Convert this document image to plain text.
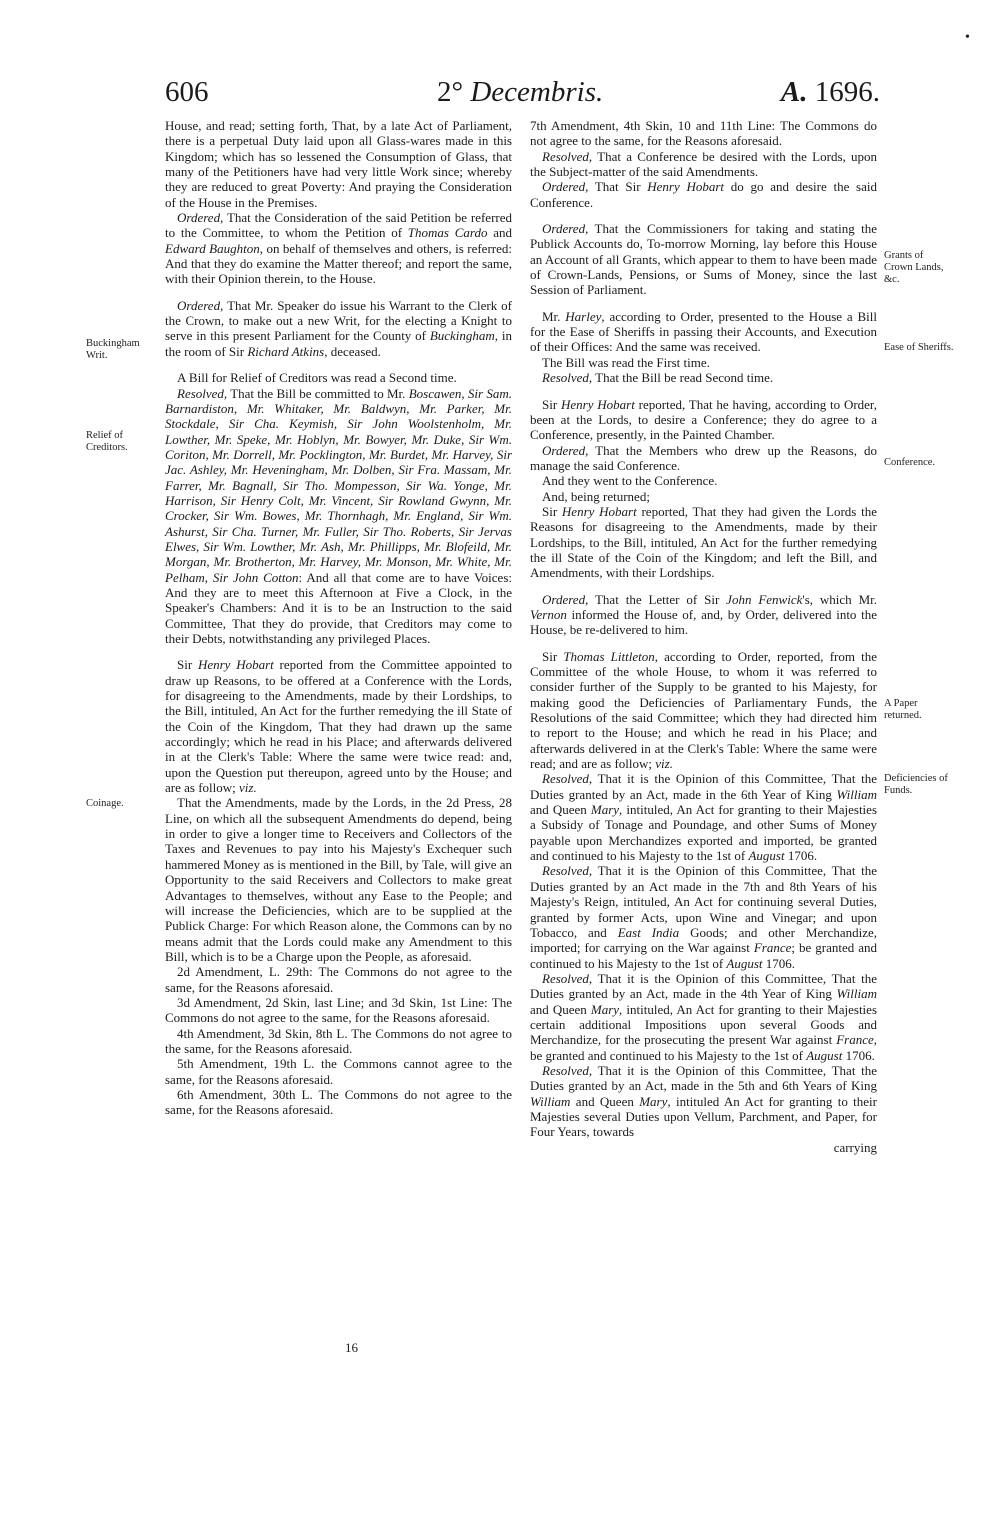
•
606	2° Decembris.	A. 1696.
Buckingham Writ.
Relief of Creditors.
Coinage.
Grants of Crown Lands, &c.
Ease of Sheriffs.
Conference.
A Paper returned.
Deficiencies of Funds.

House, and read; setting forth, That, by a late Act of Parliament, there is a perpetual Duty laid upon all Glass-wares made in this Kingdom; which has so lessened the Consumption of Glass, that many of the Petitioners have had very little Work since; whereby they are reduced to great Poverty: And praying the Consideration of the House in the Premises.

Ordered, That the Consideration of the said Petition be referred to the Committee, to whom the Petition of Thomas Cardo and Edward Baughton, on behalf of themselves and others, is referred: And that they do examine the Matter thereof; and report the same, with their Opinion therein, to the House.

Ordered, That Mr. Speaker do issue his Warrant to the Clerk of the Crown, to make out a new Writ, for the electing a Knight to serve in this present Parliament for the County of Buckingham, in the room of Sir Richard Atkins, deceased.

A Bill for Relief of Creditors was read a Second time.

Resolved, That the Bill be committed to Mr. Boscawen, Sir Sam. Barnardiston, Mr. Whitaker, Mr. Baldwyn, Mr. Parker, Mr. Stockdale, Sir Cha. Keymish, Sir John Woolstenholm, Mr. Lowther, Mr. Speke, Mr. Hoblyn, Mr. Bowyer, Mr. Duke, Sir Wm. Coriton, Mr. Dorrell, Mr. Pocklington, Mr. Burdet, Mr. Harvey, Sir Jac. Ashley, Mr. Heveningham, Mr. Dolben, Sir Fra. Massam, Mr. Farrer, Mr. Bagnall, Sir Tho. Mompesson, Sir Wa. Yonge, Mr. Harrison, Sir Henry Colt, Mr. Vincent, Sir Rowland Gwynn, Mr. Crocker, Sir Wm. Bowes, Mr. Thornhagh, Mr. England, Sir Wm. Ashurst, Sir Cha. Turner, Mr. Fuller, Sir Tho. Roberts, Sir Jervas Elwes, Sir Wm. Lowther, Mr. Ash, Mr. Phillipps, Mr. Blofeild, Mr. Morgan, Mr. Brotherton, Mr. Harvey, Mr. Monson, Mr. White, Mr. Pelham, Sir John Cotton: And all that come are to have Voices: And they are to meet this Afternoon at Five a Clock, in the Speaker's Chambers: And it is to be an Instruction to the said Committee, That they do provide, that Creditors may come to their Debts, notwithstanding any privileged Places.

Sir Henry Hobart reported from the Committee appointed to draw up Reasons, to be offered at a Conference with the Lords, for disagreeing to the Amendments, made by their Lordships, to the Bill, intituled, An Act for the further remedying the ill State of the Coin of the Kingdom, That they had drawn up the same accordingly; which he read in his Place; and afterwards delivered in at the Clerk's Table: Where the same were twice read: and, upon the Question put thereupon, agreed unto by the House; and are as follow; viz.

That the Amendments, made by the Lords, in the 2d Press, 28 Line, on which all the subsequent Amendments do depend, being in order to give a longer time to Receivers and Collectors of the Taxes and Revenues to pay into his Majesty's Exchequer such hammered Money as is mentioned in the Bill, by Tale, will give an Opportunity to the said Receivers and Collectors to make great Advantages to themselves, without any Ease to the People; and will increase the Deficiencies, which are to be supplied at the Publick Charge: For which Reason alone, the Commons can by no means admit that the Lords could make any Amendment to this Bill, which is to be a Charge upon the People, as aforesaid.

2d Amendment, L. 29th: The Commons do not agree to the same, for the Reasons aforesaid.

3d Amendment, 2d Skin, last Line; and 3d Skin, 1st Line: The Commons do not agree to the same, for the Reasons aforesaid.

4th Amendment, 3d Skin, 8th L. The Commons do not agree to the same, for the Reasons aforesaid.

5th Amendment, 19th L. the Commons cannot agree to the same, for the Reasons aforesaid.

6th Amendment, 30th L. The Commons do not agree to the same, for the Reasons aforesaid.

16

7th Amendment, 4th Skin, 10 and 11th Line: The Commons do not agree to the same, for the Reasons aforesaid.

Resolved, That a Conference be desired with the Lords, upon the Subject-matter of the said Amendments.

Ordered, That Sir Henry Hobart do go and desire the said Conference.

Ordered, That the Commissioners for taking and stating the Publick Accounts do, To-morrow Morning, lay before this House an Account of all Grants, which appear to them to have been made of Crown-Lands, Pensions, or Sums of Money, since the last Session of Parliament.

Mr. Harley, according to Order, presented to the House a Bill for the Ease of Sheriffs in passing their Accounts, and Execution of their Offices: And the same was received.

The Bill was read the First time.

Resolved, That the Bill be read Second time.

Sir Henry Hobart reported, That he having, according to Order, been at the Lords, to desire a Conference; they do agree to a Conference, presently, in the Painted Chamber.

Ordered, That the Members who drew up the Reasons, do manage the said Conference.

And they went to the Conference.

And, being returned;

Sir Henry Hobart reported, That they had given the Lords the Reasons for disagreeing to the Amendments, made by their Lordships, to the Bill, intituled, An Act for the further remedying the ill State of the Coin of the Kingdom; and left the Bill, and Amendments, with their Lordships.

Ordered, That the Letter of Sir John Fenwick's, which Mr. Vernon informed the House of, and, by Order, delivered into the House, be re-delivered to him.

Sir Thomas Littleton, according to Order, reported, from the Committee of the whole House, to whom it was referred to consider further of the Supply to be granted to his Majesty, for making good the Deficiencies of Parliamentary Funds, the Resolutions of the said Committee; which they had directed him to report to the House; and which he read in his Place; and afterwards delivered in at the Clerk's Table: Where the same were read; and are as follow; viz.

Resolved, That it is the Opinion of this Committee, That the Duties granted by an Act, made in the 6th Year of King William and Queen Mary, intituled, An Act for granting to their Majesties a Subsidy of Tonage and Poundage, and other Sums of Money payable upon Merchandizes exported and imported, be granted and continued to his Majesty to the 1st of August 1706.

Resolved, That it is the Opinion of this Committee, That the Duties granted by an Act made in the 7th and 8th Years of his Majesty's Reign, intituled, An Act for continuing several Duties, granted by former Acts, upon Wine and Vinegar; and upon Tobacco, and East India Goods; and other Merchandize, imported; for carrying on the War against France; be granted and continued to his Majesty to the 1st of August 1706.

Resolved, That it is the Opinion of this Committee, That the Duties granted by an Act, made in the 4th Year of King William and Queen Mary, intituled, An Act for granting to their Majesties certain additional Impositions upon several Goods and Merchandize, for the prosecuting the present War against France, be granted and continued to his Majesty to the 1st of August 1706.

Resolved, That it is the Opinion of this Committee, That the Duties granted by an Act, made in the 5th and 6th Years of King William and Queen Mary, intituled An Act for granting to their Majesties several Duties upon Vellum, Parchment, and Paper, for Four Years, towards

carrying
